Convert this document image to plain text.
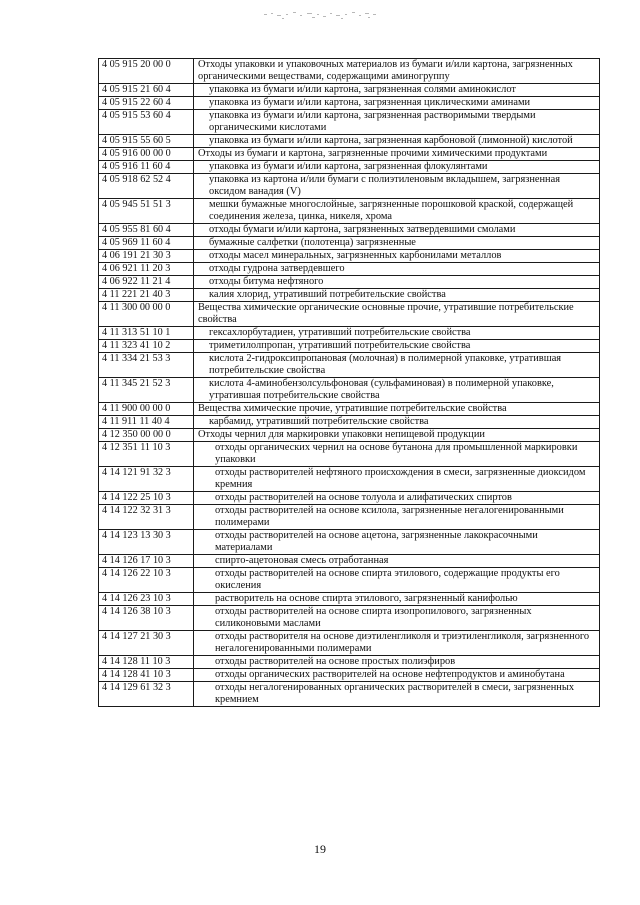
4 05 915 20 00 0	Отходы упаковки и упаковочных материалов из бумаги и/или картона, загрязненных органическими веществами, содержащими аминогруппу
4 05 915 21 60 4	упаковка из бумаги и/или картона, загрязненная солями аминокислот
4 05 915 22 60 4	упаковка из бумаги и/или картона, загрязненная циклическими аминами
4 05 915 53 60 4	упаковка из бумаги и/или картона, загрязненная растворимыми твердыми органическими кислотами
4 05 915 55 60 5	упаковка из бумаги и/или картона, загрязненная карбоновой (лимонной) кислотой
4 05 916 00 00 0	Отходы из бумаги и картона, загрязненные прочими химическими продуктами
4 05 916 11 60 4	упаковка из бумаги и/или картона, загрязненная флокулянтами
4 05 918 62 52 4	упаковка из картона и/или бумаги с полиэтиленовым вкладышем, загрязненная оксидом ванадия (V)
4 05 945 51 51 3	мешки бумажные многослойные, загрязненные порошковой краской, содержащей соединения железа, цинка, никеля, хрома
4 05 955 81 60 4	отходы бумаги и/или картона, загрязненных затвердевшими смолами
4 05 969 11 60 4	бумажные салфетки (полотенца) загрязненные
4 06 191 21 30 3	отходы масел минеральных, загрязненных карбонилами металлов
4 06 921 11 20 3	отходы гудрона затвердевшего
4 06 922 11 21 4	отходы битума нефтяного
4 11 221 21 40 3	калия хлорид, утративший потребительские свойства
4 11 300 00 00 0	Вещества химические органические основные прочие, утратившие потребительские свойства
4 11 313 51 10 1	гексахлорбутадиен, утративший потребительские свойства
4 11 323 41 10 2	триметилолпропан, утративший потребительские свойства
4 11 334 21 53 3	кислота 2-гидроксипропановая (молочная) в полимерной упаковке, утратившая потребительские свойства
4 11 345 21 52 3	кислота 4-аминобензолсульфоновая (сульфаминовая) в полимерной упаковке, утратившая потребительские свойства
4 11 900 00 00 0	Вещества химические прочие, утратившие потребительские свойства
4 11 911 11 40 4	карбамид, утративший потребительские свойства
4 12 350 00 00 0	Отходы чернил для маркировки упаковки непищевой продукции
4 12 351 11 10 3	отходы органических чернил на основе бутанона для промышленной маркировки упаковки
4 14 121 91 32 3	отходы растворителей нефтяного происхождения в смеси, загрязненные диоксидом кремния
4 14 122 25 10 3	отходы растворителей на основе толуола и алифатических спиртов
4 14 122 32 31 3	отходы растворителей на основе ксилола, загрязненные негалогенированными полимерами
4 14 123 13 30 3	отходы растворителей на основе ацетона, загрязненные лакокрасочными материалами
4 14 126 17 10 3	спирто-ацетоновая смесь отработанная
4 14 126 22 10 3	отходы растворителей на основе спирта этилового, содержащие продукты его окисления
4 14 126 23 10 3	растворитель на основе спирта этилового, загрязненный канифолью
4 14 126 38 10 3	отходы растворителей на основе спирта изопропилового, загрязненных силиконовыми маслами
4 14 127 21 30 3	отходы растворителя на основе диэтиленгликоля и триэтиленгликоля, загрязненного негалогенированными полимерами
4 14 128 11 10 3	отходы растворителей на основе простых полиэфиров
4 14 128 41 10 3	отходы органических растворителей на основе нефтепродуктов и аминобутана
4 14 129 61 32 3	отходы негалогенированных органических растворителей в смеси, загрязненных кремнием
19
